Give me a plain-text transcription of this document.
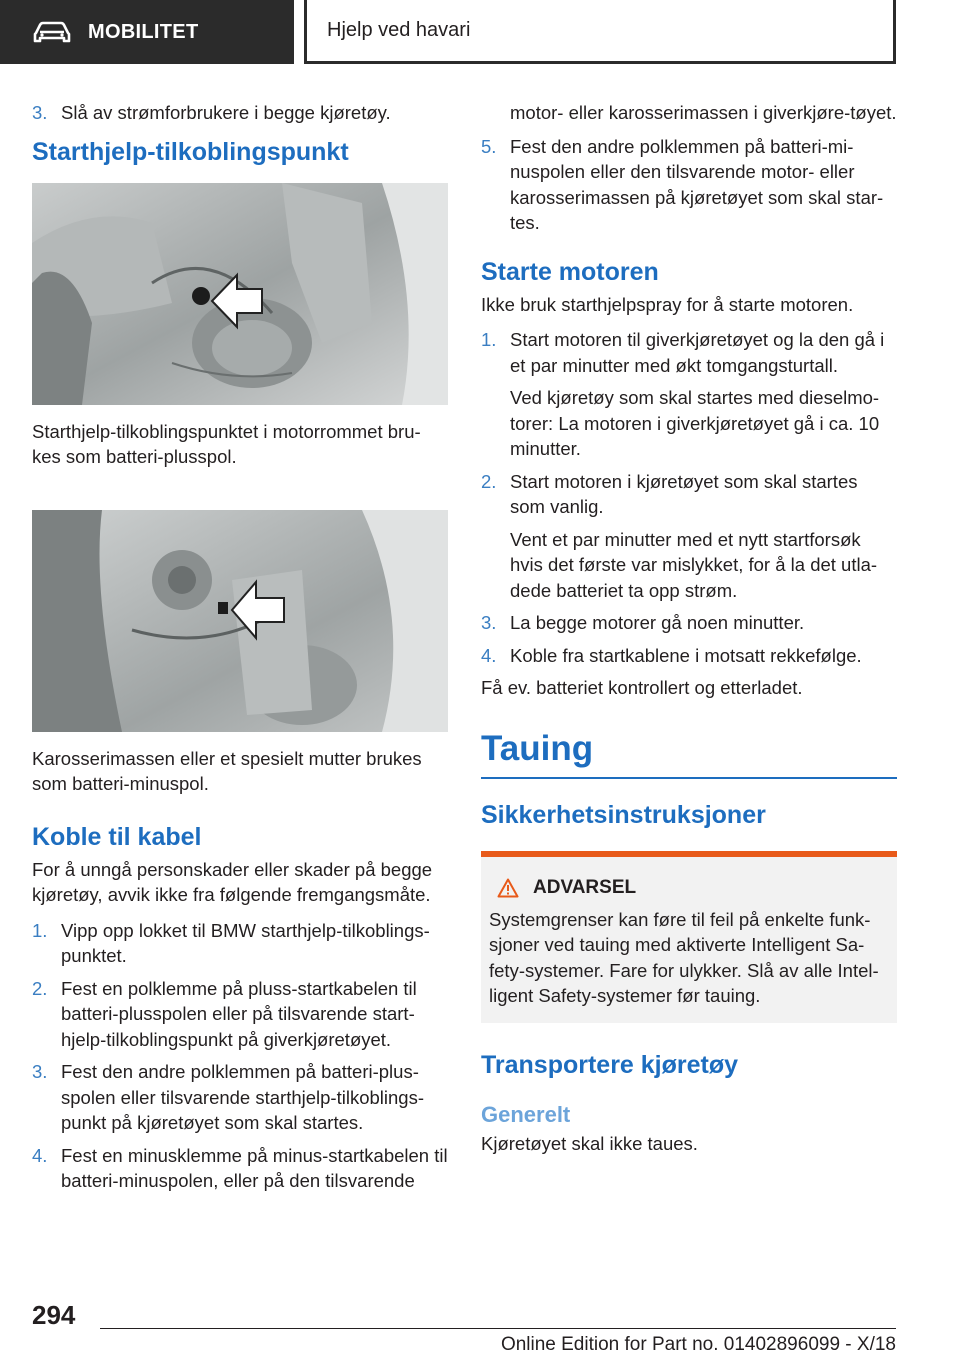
MOBILITET	Hjelp ved havari
3. Slå av strømforbrukere i begge kjøretøy.
Starthjelp-tilkoblingspunkt

Starthjelp-tilkoblingspunktet i motorrommet bru-kes som batteri-plusspol.

Karosserimassen eller et spesielt mutter brukes som batteri-minuspol.

Koble til kabel

For å unngå personskader eller skader på begge kjøretøy, avvik ikke fra følgende fremgangsmåte.

1. Vipp opp lokket til BMW starthjelp-tilkoblings-punktet.
2. Fest en polklemme på pluss-startkabelen til batteri-plusspolen eller på tilsvarende start-hjelp-tilkoblingspunkt på giverkjøretøyet.
3. Fest den andre polklemmen på batteri-plus-spolen eller tilsvarende starthjelp-tilkoblings-punkt på kjøretøyet som skal startes.
4. Fest en minusklemme på minus-startkabelen til batteri-minuspolen, eller på den tilsvarende

motor- eller karosserimassen i giverkjøre-tøyet.

5. Fest den andre polklemmen på batteri-mi-nuspolen eller den tilsvarende motor- eller karosserimassen på kjøretøyet som skal star-tes.
Starte motoren

Ikke bruk starthjelpspray for å starte motoren.

1. Start motoren til giverkjøretøyet og la den gå i et par minutter med økt tomgangsturtall.
Ved kjøretøy som skal startes med dieselmo-torer: La motoren i giverkjøretøyet gå i ca. 10 minutter.
2. Start motoren i kjøretøyet som skal startes som vanlig.
Vent et par minutter med et nytt startforsøk hvis det første var mislykket, for å la det utla-dede batteriet ta opp strøm.
3. La begge motorer gå noen minutter.
4. Koble fra startkablene i motsatt rekkefølge.

Få ev. batteriet kontrollert og etterladet.

Tauing
Sikkerhetsinstruksjoner
ADVARSEL

Systemgrenser kan føre til feil på enkelte funk-sjoner ved tauing med aktiverte Intelligent Sa-fety-systemer. Fare for ulykker. Slå av alle Intel-ligent Safety-systemer før tauing.

Transportere kjøretøy
Generelt

Kjøretøyet skal ikke taues.

294
Online Edition for Part no. 01402896099 - X/18
